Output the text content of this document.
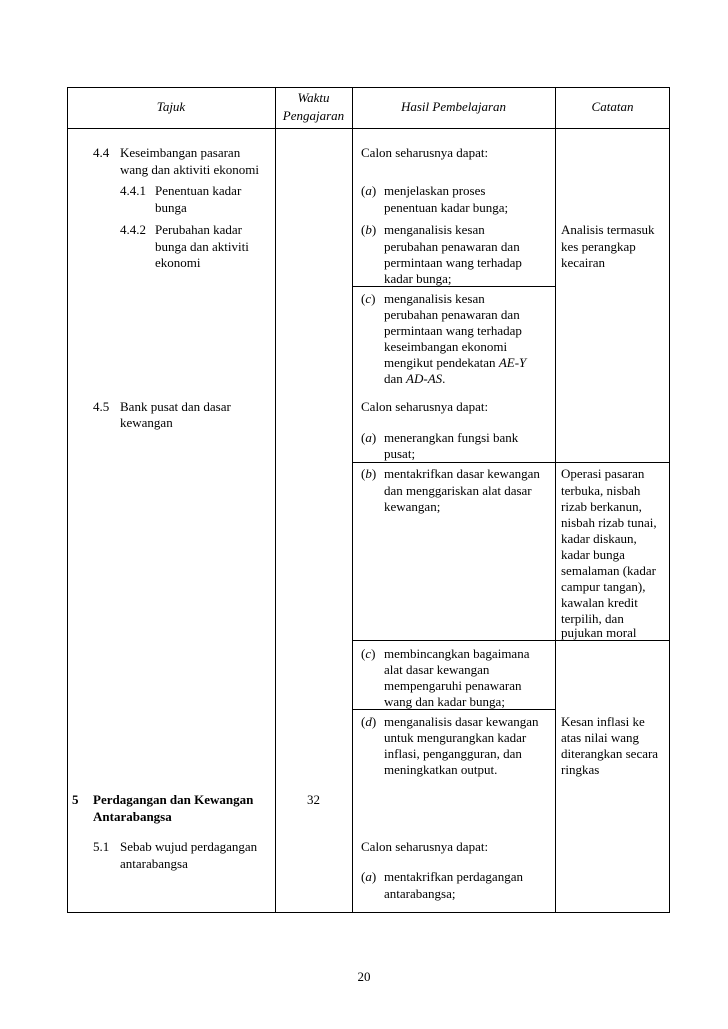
Tajuk
Waktu
Pengajaran
Hasil Pembelajaran	Catatan
4.4 Keseimbangan pasaran
wang dan aktiviti ekonomi
4.4.1 Penentuan kadar
bunga
4.4.2 Perubahan kadar
bunga dan aktiviti
ekonomi
4.5 Bank pusat dan dasar
kewangan
5 Perdagangan dan Kewangan
Antarabangsa
5.1 Sebab wujud perdagangan
antarabangsa
32
Calon seharusnya dapat:
(a) menjelaskan proses
penentuan kadar bunga;
(b) menganalisis kesan
perubahan penawaran dan
permintaan wang terhadap
kadar bunga;
(c) menganalisis kesan
perubahan penawaran dan
permintaan wang terhadap
keseimbangan ekonomi
mengikut pendekatan AE-Y
dan AD-AS.
Calon seharusnya dapat:
(a) menerangkan fungsi bank
pusat;
(b) mentakrifkan dasar kewangan
dan menggariskan alat dasar
kewangan;
(c) membincangkan bagaimana
alat dasar kewangan
mempengaruhi penawaran
wang dan kadar bunga;
(d) menganalisis dasar kewangan
untuk mengurangkan kadar
inflasi, pengangguran, dan
meningkatkan output.
Calon seharusnya dapat:
(a) mentakrifkan perdagangan
antarabangsa;
Analisis termasuk
kes perangkap
kecairan
Operasi pasaran
terbuka, nisbah
rizab berkanun,
nisbah rizab tunai,
kadar diskaun,
kadar bunga
semalaman (kadar
campur tangan),
kawalan kredit
terpilih, dan
pujukan moral
Kesan inflasi ke
atas nilai wang
diterangkan secara
ringkas
20
